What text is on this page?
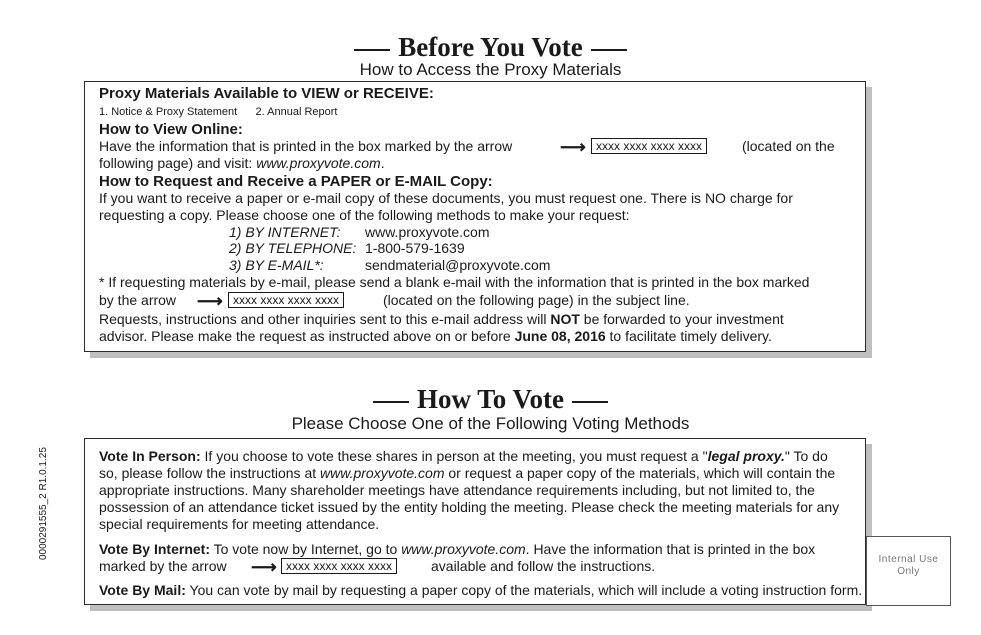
0000291555_2 R1.0.1.25
Before You Vote
How to Access the Proxy Materials
Proxy Materials Available to VIEW or RECEIVE:
1. Notice & Proxy Statement      2. Annual Report
How to View Online:
Have the information that is printed in the box marked by the arrow	⟶ xxxx xxxx xxxx xxxx	(located on the
following page) and visit: www.proxyvote.com.
How to Request and Receive a PAPER or E-MAIL Copy:
If you want to receive a paper or e-mail copy of these documents, you must request one. There is NO charge for
requesting a copy. Please choose one of the following methods to make your request:
1) BY INTERNET: www.proxyvote.com
2) BY TELEPHONE: 1-800-579-1639
3) BY E-MAIL*:	sendmaterial@proxyvote.com
* If requesting materials by e-mail, please send a blank e-mail with the information that is printed in the box marked
by the arrow ⟶ xxxx xxxx xxxx xxxx	(located on the following page) in the subject line.
Requests, instructions and other inquiries sent to this e-mail address will NOT be forwarded to your investment
advisor. Please make the request as instructed above on or before June 08, 2016 to facilitate timely delivery.
How To Vote
Please Choose One of the Following Voting Methods
Vote In Person: If you choose to vote these shares in person at the meeting, you must request a "legal proxy." To do
so, please follow the instructions at www.proxyvote.com or request a paper copy of the materials, which will contain the
appropriate instructions. Many shareholder meetings have attendance requirements including, but not limited to, the
possession of an attendance ticket issued by the entity holding the meeting. Please check the meeting materials for any
special requirements for meeting attendance.
Vote By Internet: To vote now by Internet, go to www.proxyvote.com. Have the information that is printed in the box
marked by the arrow ⟶ xxxx xxxx xxxx xxxx	available and follow the instructions.
Vote By Mail: You can vote by mail by requesting a paper copy of the materials, which will include a voting instruction form.
Internal Use Only
